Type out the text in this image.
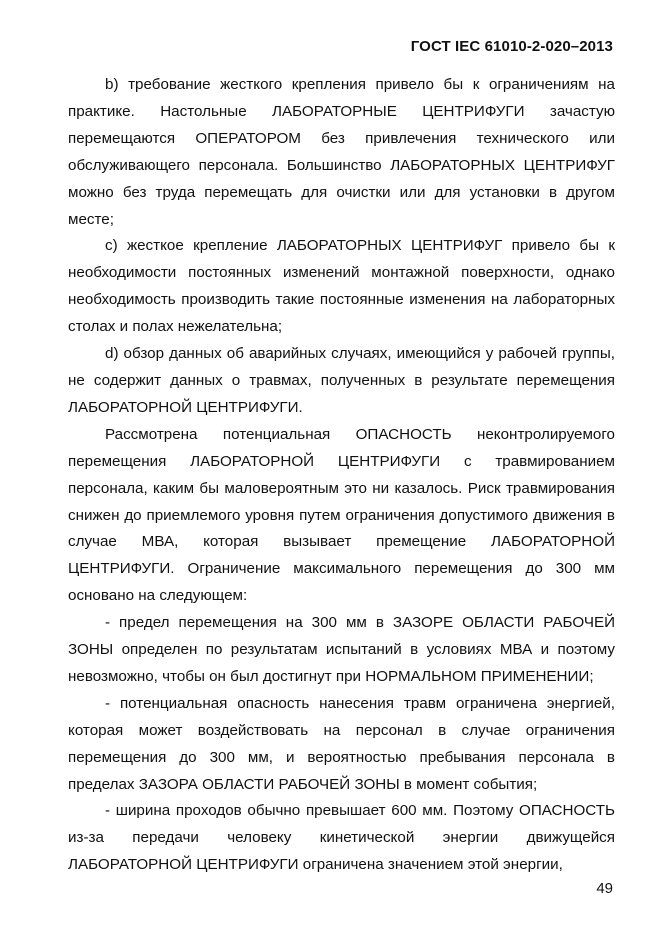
ГОСТ IEC 61010-2-020–2013

b) требование жесткого крепления привело бы к ограничениям на практике. Настольные ЛАБОРАТОРНЫЕ ЦЕНТРИФУГИ зачастую перемещаются ОПЕРАТОРОМ без привлечения технического или обслуживающего персонала. Большинство ЛАБОРАТОРНЫХ ЦЕНТРИФУГ можно без труда перемещать для очистки или для установки в другом месте;

c) жесткое крепление ЛАБОРАТОРНЫХ ЦЕНТРИФУГ привело бы к необходимости постоянных изменений монтажной поверхности, однако необходимость производить такие постоянные изменения на лабораторных столах и полах нежелательна;

d) обзор данных об аварийных случаях, имеющийся у рабочей группы, не содержит данных о травмах, полученных в результате перемещения ЛАБОРАТОРНОЙ ЦЕНТРИФУГИ.

Рассмотрена потенциальная ОПАСНОСТЬ неконтролируемого перемещения ЛАБОРАТОРНОЙ ЦЕНТРИФУГИ с травмированием персонала, каким бы маловероятным это ни казалось. Риск травмирования снижен до приемлемого уровня путем ограничения допустимого движения в случае МВА, которая вызывает премещение ЛАБОРАТОРНОЙ ЦЕНТРИФУГИ. Ограничение максимального перемещения до 300 мм основано на следующем:

- предел перемещения на 300 мм в ЗАЗОРЕ ОБЛАСТИ РАБОЧЕЙ ЗОНЫ определен по результатам испытаний в условиях МВА и поэтому невозможно, чтобы он был достигнут при НОРМАЛЬНОМ ПРИМЕНЕНИИ;

- потенциальная опасность нанесения травм ограничена энергией, которая может воздействовать на персонал в случае ограничения перемещения до 300 мм, и вероятностью пребывания персонала в пределах ЗАЗОРА ОБЛАСТИ РАБОЧЕЙ ЗОНЫ в момент события;

- ширина проходов обычно превышает 600 мм. Поэтому ОПАСНОСТЬ из-за передачи человеку кинетической энергии движущейся ЛАБОРАТОРНОЙ ЦЕНТРИФУГИ ограничена значением этой энергии,

49
